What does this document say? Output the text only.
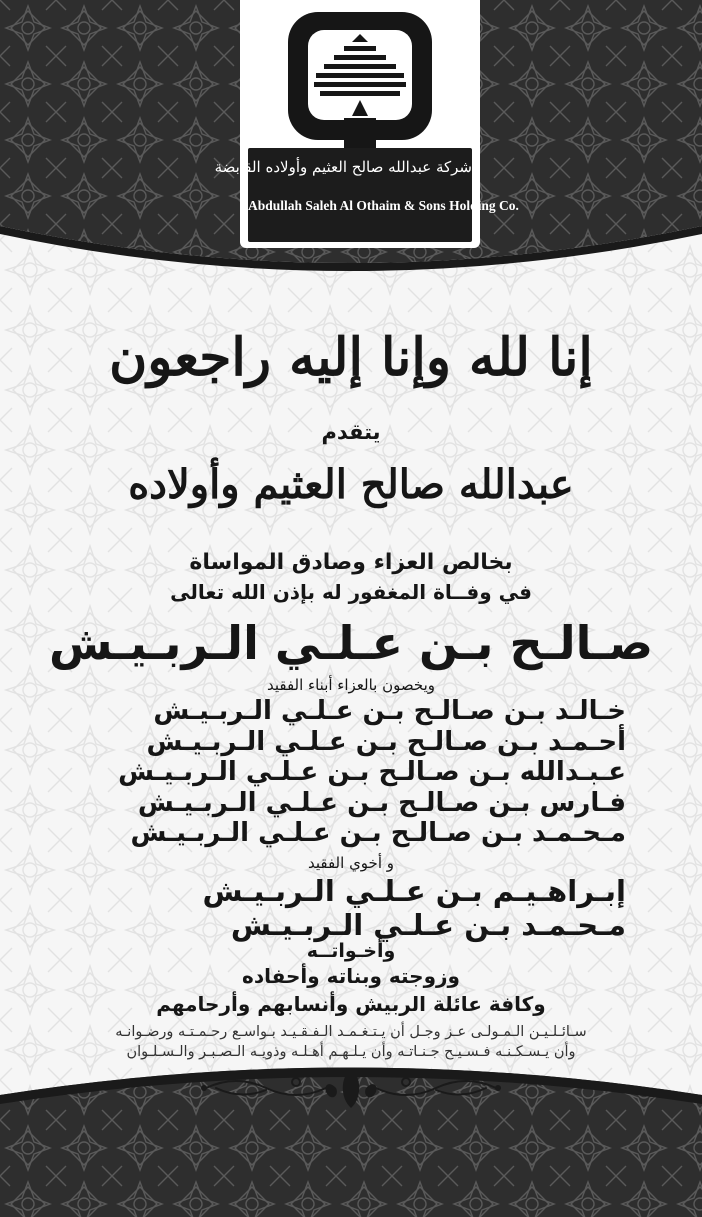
شركة عبدالله صالح العثيم وأولاده القابضة
Abdullah Saleh Al Othaim & Sons Holding Co.
إنا لله وإنا إليه راجعون
يتقدم
عبدالله صالح العثيم وأولاده
بخالص العزاء وصادق المواساة
في وفــاة المغفور له بإذن الله تعالى
صـالـح بـن عـلـي الـربـيـش
ويخصون بالعزاء أبناء الفقيد
خـالـد بـن صـالـح بـن عـلـي الـربـيـش
أحـمـد بـن صـالـح بـن عـلـي الـربـيـش
عـبـدالله بـن صـالـح بـن عـلـي الـربـيـش
فـارس بـن صـالـح بـن عـلـي الـربـيـش
مـحـمـد بـن صـالـح بـن عـلـي الـربـيـش
و أخوي الفقيد
إبـراهـيـم بـن عـلـي الـربـيـش
مـحـمـد بـن عـلـي الـربـيـش
وأخـواتــه
وزوجته وبناته وأحفاده
وكافة عائلة الربيش وأنسابهم وأرحامهم
سـائـلـيـن الـمـولـى عـز وجـل أن يـتـغـمـد الـفـقـيـد بـواسـع رحـمـتـه ورضـوانـه
وأن يـسـكـنـه فـسـيـح جـنـاتـه وأن يـلـهـم أهـلـه وذويـه الـصـبـر والـسـلـوان
